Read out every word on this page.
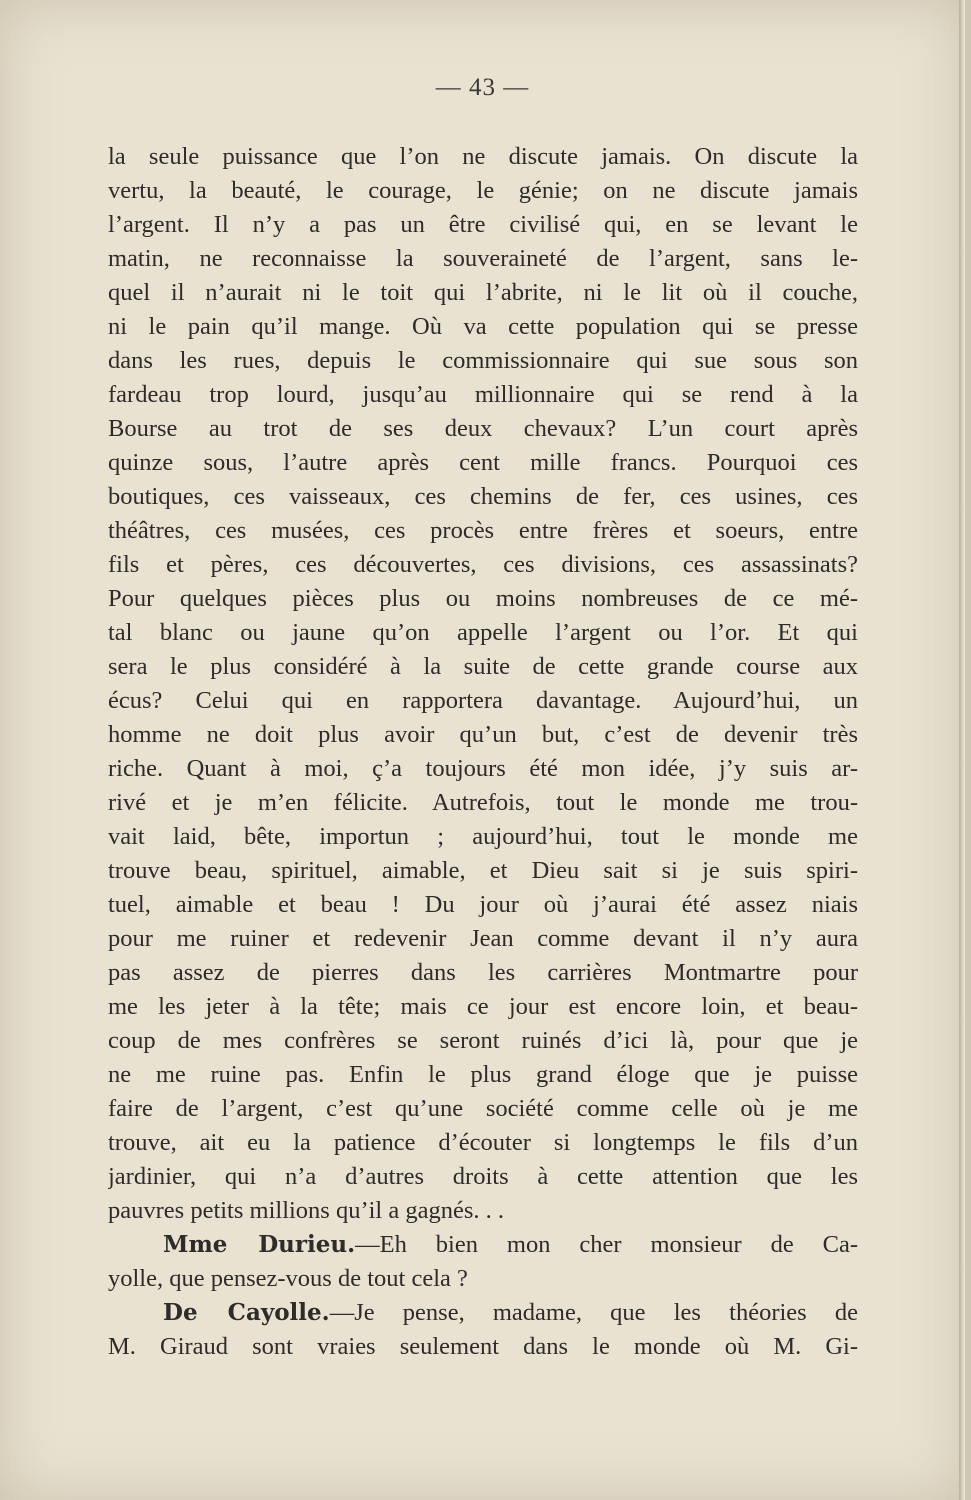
— 43 —
la seule puissance que l’on ne discute jamais. On discute la
vertu, la beauté, le courage, le génie; on ne discute jamais
l’argent. Il n’y a pas un être civilisé qui, en se levant le
matin, ne reconnaisse la souveraineté de l’argent, sans le-
quel il n’aurait ni le toit qui l’abrite, ni le lit où il couche,
ni le pain qu’il mange. Où va cette population qui se presse
dans les rues, depuis le commissionnaire qui sue sous son
fardeau trop lourd, jusqu’au millionnaire qui se rend à la
Bourse au trot de ses deux chevaux? L’un court après
quinze sous, l’autre après cent mille francs. Pourquoi ces
boutiques, ces vaisseaux, ces chemins de fer, ces usines, ces
théâtres, ces musées, ces procès entre frères et soeurs, entre
fils et pères, ces découvertes, ces divisions, ces assassinats?
Pour quelques pièces plus ou moins nombreuses de ce mé-
tal blanc ou jaune qu’on appelle l’argent ou l’or. Et qui
sera le plus considéré à la suite de cette grande course aux
écus? Celui qui en rapportera davantage. Aujourd’hui, un
homme ne doit plus avoir qu’un but, c’est de devenir très
riche. Quant à moi, ç’a toujours été mon idée, j’y suis ar-
rivé et je m’en félicite. Autrefois, tout le monde me trou-
vait laid, bête, importun ; aujourd’hui, tout le monde me
trouve beau, spirituel, aimable, et Dieu sait si je suis spiri-
tuel, aimable et beau ! Du jour où j’aurai été assez niais
pour me ruiner et redevenir Jean comme devant il n’y aura
pas assez de pierres dans les carrières Montmartre pour
me les jeter à la tête; mais ce jour est encore loin, et beau-
coup de mes confrères se seront ruinés d’ici là, pour que je
ne me ruine pas. Enfin le plus grand éloge que je puisse
faire de l’argent, c’est qu’une société comme celle où je me
trouve, ait eu la patience d’écouter si longtemps le fils d’un
jardinier, qui n’a d’autres droits à cette attention que les
pauvres petits millions qu’il a gagnés. . .
Mme Durieu.—Eh bien mon cher monsieur de Ca-
yolle, que pensez-vous de tout cela ?
De Cayolle.—Je pense, madame, que les théories de
M. Giraud sont vraies seulement dans le monde où M. Gi-
